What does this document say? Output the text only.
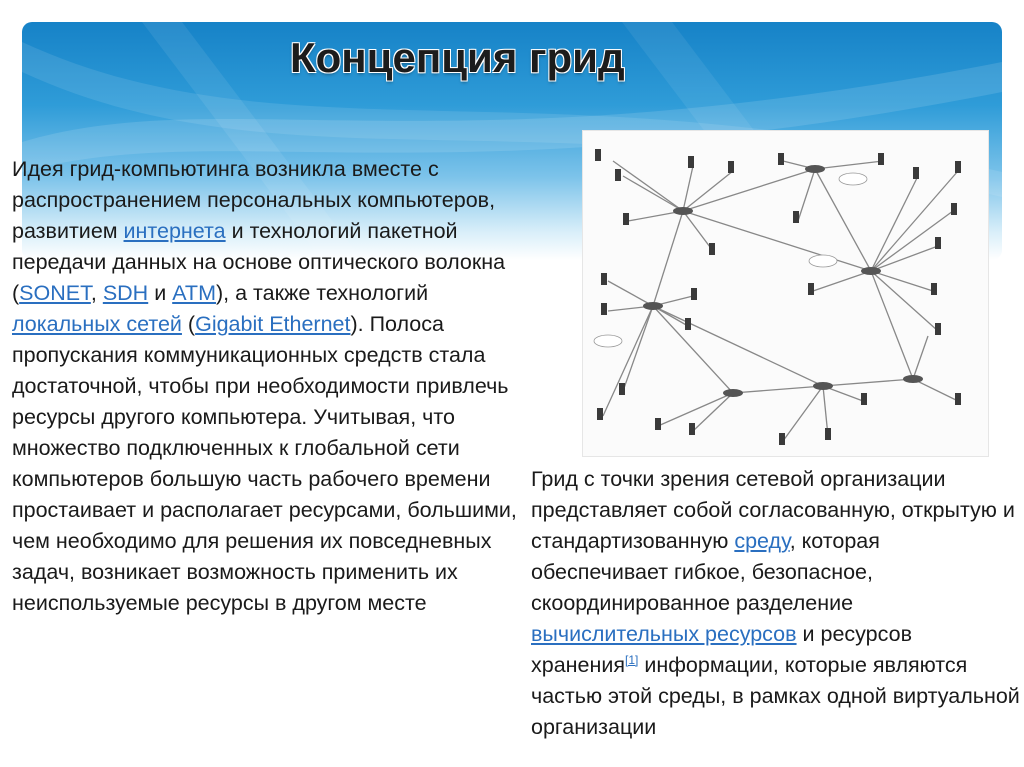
Концепция грид

Идея грид-компьютинга возникла вместе с распространением персональных компьютеров, развитием интернета и технологий пакетной передачи данных на основе оптического волокна (SONET, SDH и ATM), а также технологий локальных сетей (Gigabit Ethernet). Полоса пропускания коммуникационных средств стала достаточной, чтобы при необходимости привлечь ресурсы другого компьютера. Учитывая, что множество подключенных к глобальной сети компьютеров большую часть рабочего времени простаивает и располагает ресурсами, большими, чем необходимо для решения их повседневных задач, возникает возможность применить их неиспользуемые ресурсы в другом месте

Грид с точки зрения сетевой организации представляет собой согласованную, открытую и стандартизованную среду, которая обеспечивает гибкое, безопасное, скоординированное разделение вычислительных ресурсов и ресурсов хранения[1] информации, которые являются частью этой среды, в рамках одной виртуальной организации
